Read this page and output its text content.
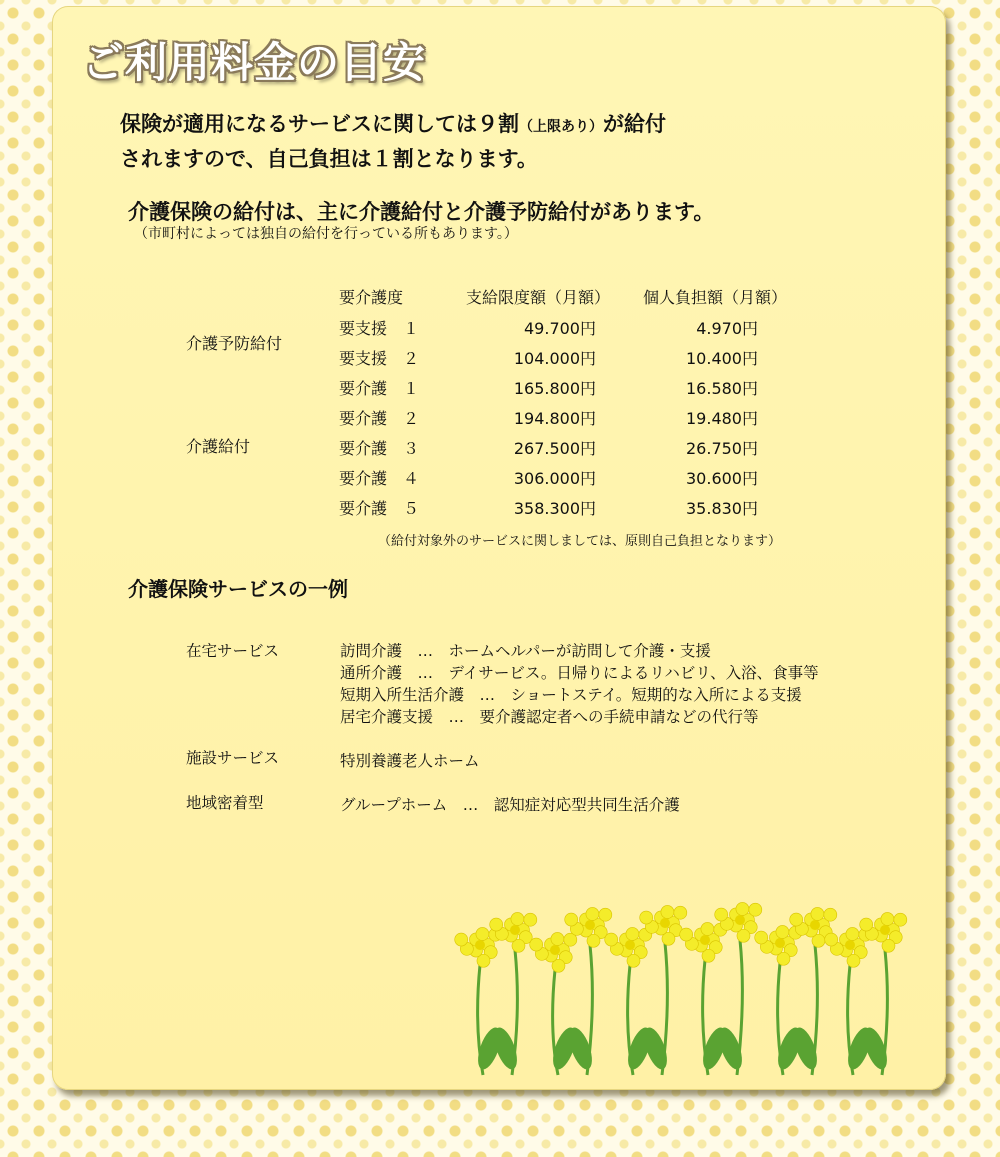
ご利用料金の目安
保険が適用になるサービスに関しては９割（上限あり）が給付
されますので、自己負担は１割となります。
介護保険の給付は、主に介護給付と介護予防給付があります。
（市町村によっては独自の給付を行っている所もあります。）
要介護度	支給限度額（月額） 個人負担額（月額）
介護予防給付
介護給付
要支援　１	49.700円	4.970円
要支援　２	104.000円	10.400円
要介護　１	165.800円	16.580円
要介護　２	194.800円	19.480円
要介護　３	267.500円	26.750円
要介護　４	306.000円	30.600円
要介護　５	358.300円	35.830円
（給付対象外のサービスに関しましては、原則自己負担となります）
介護保険サービスの一例
在宅サービス	訪問介護　…　ホームヘルパーが訪問して介護・支援
通所介護　…　デイサービス。日帰りによるリハビリ、入浴、食事等
短期入所生活介護　…　ショートステイ。短期的な入所による支援
居宅介護支援　…　要介護認定者への手続申請などの代行等
施設サービス	特別養護老人ホーム
地域密着型	グループホーム　…　認知症対応型共同生活介護
